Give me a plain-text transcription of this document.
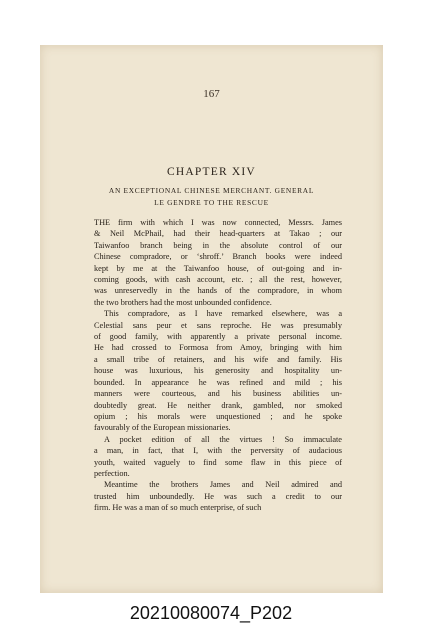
167
CHAPTER XIV
AN EXCEPTIONAL CHINESE MERCHANT. GENERAL
LE GENDRE TO THE RESCUE
THE firm with which I was now connected, Messrs. James
& Neil McPhail, had their head-quarters at Takao ; our
Taiwanfoo branch being in the absolute control of our
Chinese compradore, or ‘shroff.’ Branch books were indeed
kept by me at the Taiwanfoo house, of out-going and in-
coming goods, with cash account, etc. ; all the rest, however,
was unreservedly in the hands of the compradore, in whom
the two brothers had the most unbounded confidence.
This compradore, as I have remarked elsewhere, was a
Celestial sans peur et sans reproche. He was presumably
of good family, with apparently a private personal income.
He had crossed to Formosa from Amoy, bringing with him
a small tribe of retainers, and his wife and family. His
house was luxurious, his generosity and hospitality un-
bounded. In appearance he was refined and mild ; his
manners were courteous, and his business abilities un-
doubtedly great. He neither drank, gambled, nor smoked
opium ; his morals were unquestioned ; and he spoke
favourably of the European missionaries.
A pocket edition of all the virtues ! So immaculate
a man, in fact, that I, with the perversity of audacious
youth, waited vaguely to find some flaw in this piece of
perfection.
Meantime the brothers James and Neil admired and
trusted him unboundedly. He was such a credit to our
firm. He was a man of so much enterprise, of such
20210080074_P202
